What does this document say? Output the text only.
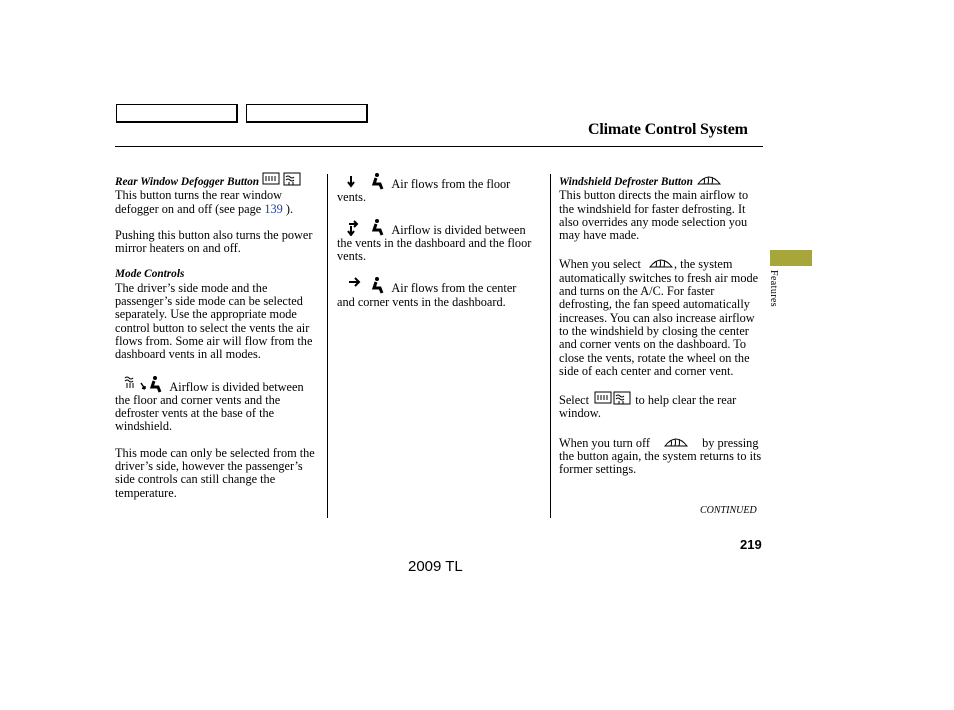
Climate Control System

Rear Window Defogger Button

This button turns the rear window defogger on and off (see page 139 ).

Pushing this button also turns the power mirror heaters on and off.

Mode Controls

The driver’s side mode and the passenger’s side mode can be selected separately. Use the appropriate mode control button to select the vents the air flows from. Some air will flow from the dashboard vents in all modes.

Airflow is divided between the floor and corner vents and the defroster vents at the base of the windshield.

This mode can only be selected from the driver’s side, however the passenger’s side controls can still change the temperature.

Air flows from the floor vents.

Airflow is divided between the vents in the dashboard and the floor vents.

Air flows from the center and corner vents in the dashboard.

Windshield Defroster Button

This button directs the main airflow to the windshield for faster defrosting. It also overrides any mode selection you may have made.

When you select	, the system automatically switches to fresh air mode and turns on the A/C. For faster defrosting, the fan speed automatically increases. You can also increase airflow to the windshield by closing the center and corner vents on the dashboard. To close the vents, rotate the wheel on the side of each center and corner vent.

Select	to help clear the rear window.

When you turn off	by pressing the button again, the system returns to its former settings.

Features
CONTINUED
219
2009 TL
